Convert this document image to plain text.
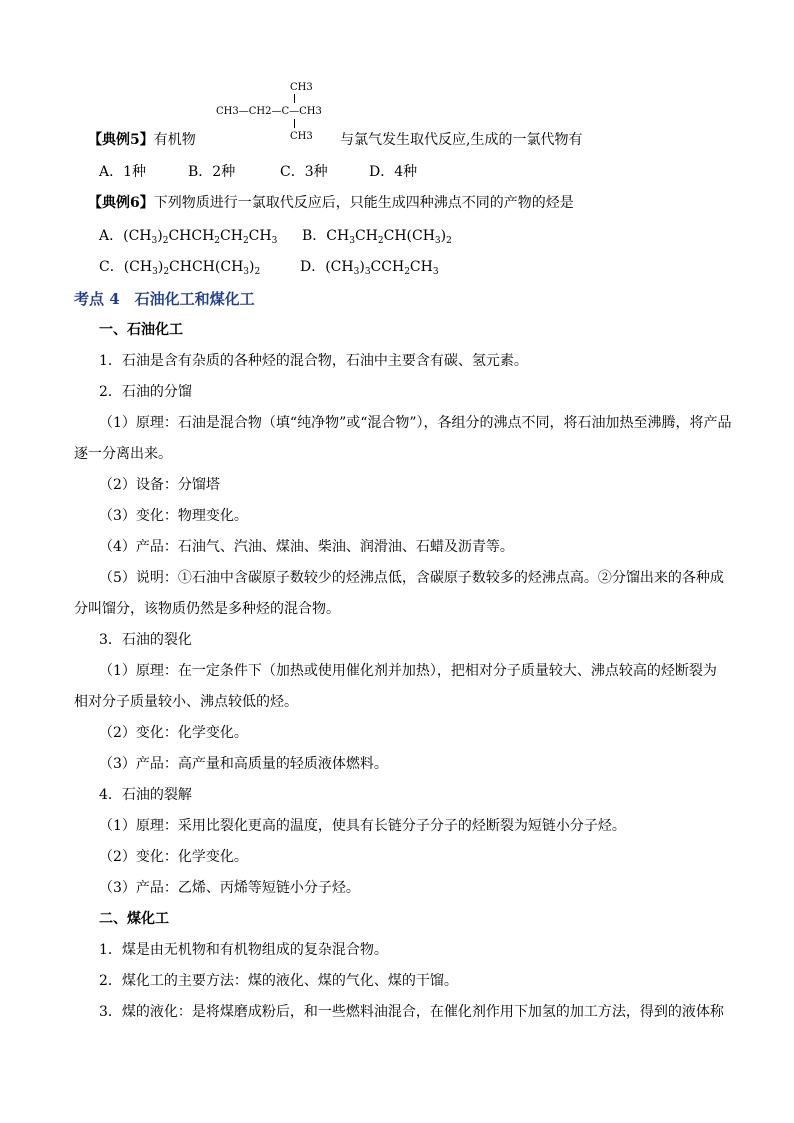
CH3
CH3—CH2—C—CH3
CH3
【典例5】有机物	与氯气发生取代反应,生成的一氯代物有
A．1种	B．2种	C．3种	D．4种
【典例6】下列物质进行一氯取代反应后，只能生成四种沸点不同的产物的烃是
A．$(CH_3)_2CHCH_2CH_2CH_3$ B．$CH_3CH_2CH(CH_3)_2$
C．$(CH_3)_2CHCH(CH_3)_2$	D．$(CH_3)_3CCH_2CH_3$
考点 4　石油化工和煤化工
一、石油化工
1．石油是含有杂质的各种烃的混合物，石油中主要含有碳、氢元素。
2．石油的分馏
（1）原理：石油是混合物（填“纯净物”或“混合物”），各组分的沸点不同，将石油加热至沸腾，将产品
逐一分离出来。
（2）设备：分馏塔
（3）变化：物理变化。
（4）产品：石油气、汽油、煤油、柴油、润滑油、石蜡及沥青等。
（5）说明：①石油中含碳原子数较少的烃沸点低，含碳原子数较多的烃沸点高。②分馏出来的各种成
分叫馏分，该物质仍然是多种烃的混合物。
3．石油的裂化
（1）原理：在一定条件下（加热或使用催化剂并加热），把相对分子质量较大、沸点较高的烃断裂为
相对分子质量较小、沸点较低的烃。
（2）变化：化学变化。
（3）产品：高产量和高质量的轻质液体燃料。
4．石油的裂解
（1）原理：采用比裂化更高的温度，使具有长链分子分子的烃断裂为短链小分子烃。
（2）变化：化学变化。
（3）产品：乙烯、丙烯等短链小分子烃。
二、煤化工
1．煤是由无机物和有机物组成的复杂混合物。
2．煤化工的主要方法：煤的液化、煤的气化、煤的干馏。
3．煤的液化：是将煤磨成粉后，和一些燃料油混合，在催化剂作用下加氢的加工方法，得到的液体称
